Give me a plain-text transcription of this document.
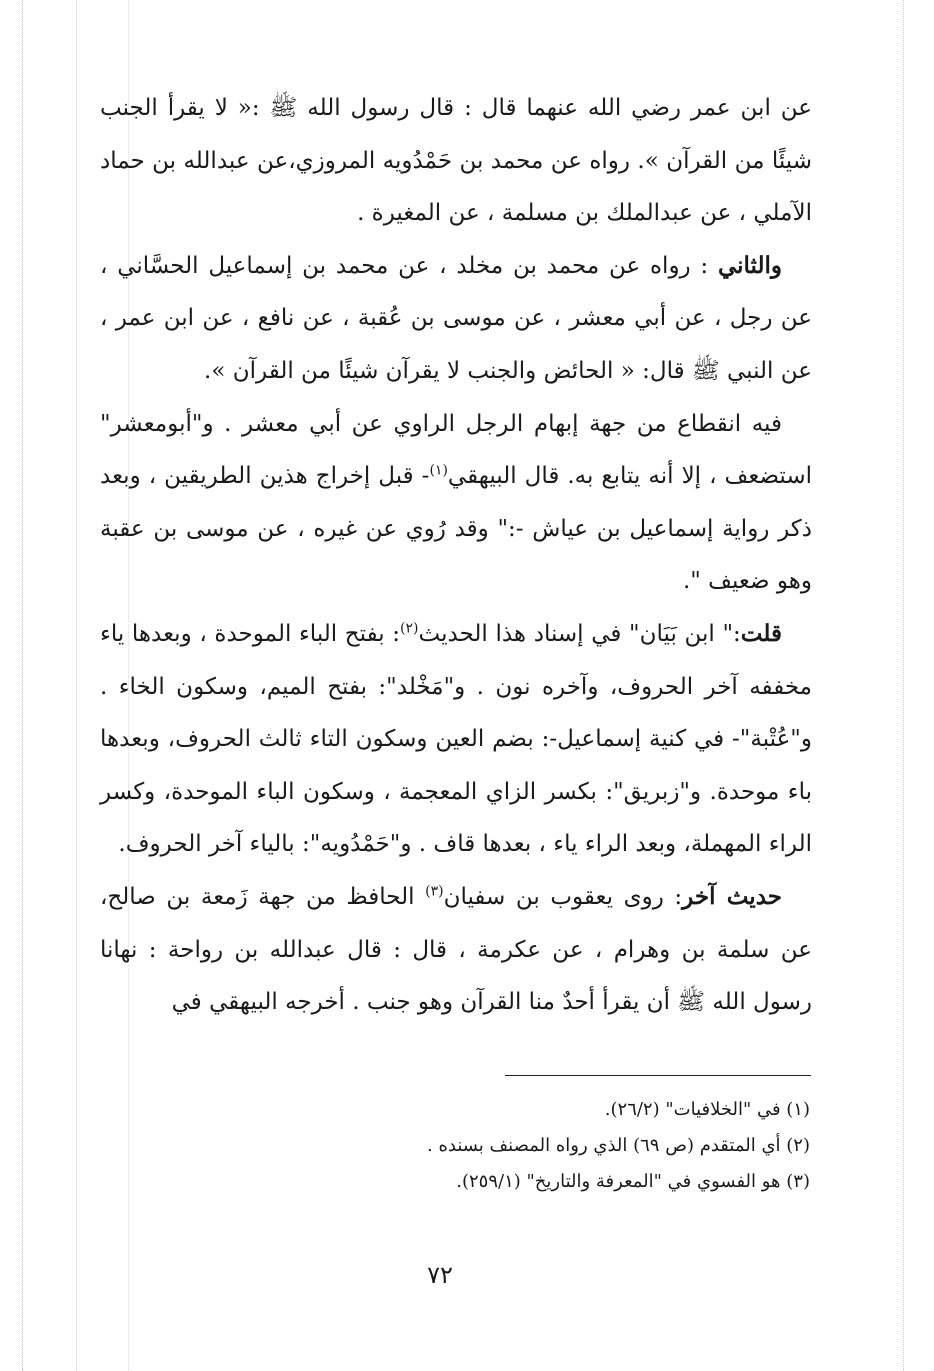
عن ابن عمر رضي الله عنهما قال : قال رسول الله ﷺ :« لا يقرأ الجنب شيئًا من القرآن ». رواه عن محمد بن حَمْدُويه المروزي،عن عبدالله بن حماد الآملي ، عن عبدالملك بن مسلمة ، عن المغيرة .

والثاني : رواه عن محمد بن مخلد ، عن محمد بن إسماعيل الحسَّاني ، عن رجل ، عن أبي معشر ، عن موسى بن عُقبة ، عن نافع ، عن ابن عمر ، عن النبي ﷺ قال: « الحائض والجنب لا يقرآن شيئًا من القرآن ».

فيه انقطاع من جهة إبهام الرجل الراوي عن أبي معشر . و"أبومعشر" استضعف ، إلا أنه يتابع به. قال البيهقي$^{(١)}$- قبل إخراج هذين الطريقين ، وبعد ذكر رواية إسماعيل بن عياش -:" وقد رُوي عن غيره ، عن موسى بن عقبة وهو ضعيف ".

قلت:" ابن بَيَان" في إسناد هذا الحديث$^{(٢)}$: بفتح الباء الموحدة ، وبعدها ياء مخففه آخر الحروف، وآخره نون . و"مَخْلد": بفتح الميم، وسكون الخاء . و"عُتْبة"- في كنية إسماعيل-: بضم العين وسكون التاء ثالث الحروف، وبعدها باء موحدة. و"زبريق": بكسر الزاي المعجمة ، وسكون الباء الموحدة، وكسر الراء المهملة، وبعد الراء ياء ، بعدها قاف . و"حَمْدُويه": بالياء آخر الحروف.

حديث آخر: روى يعقوب بن سفيان$^{(٣)}$ الحافظ من جهة زَمعة بن صالح، عن سلمة بن وهرام ، عن عكرمة ، قال : قال عبدالله بن رواحة : نهانا رسول الله ﷺ أن يقرأ أحدٌ منا القرآن وهو جنب . أخرجه البيهقي في

(١) في "الخلافيات" (٢٦/٢).

(٢) أي المتقدم (ص ٦٩) الذي رواه المصنف بسنده .

(٣) هو الفسوي في "المعرفة والتاريخ" (٢٥٩/١).

٧٢
